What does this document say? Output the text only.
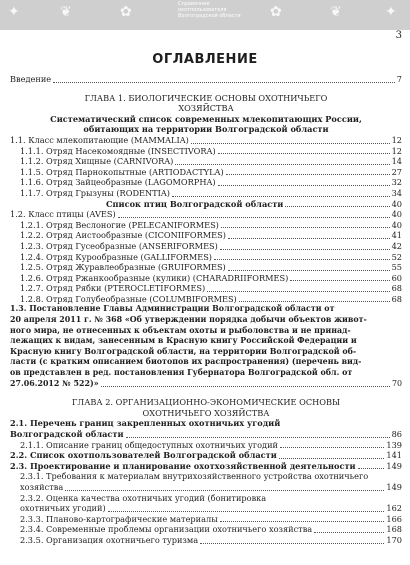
✦	❦	✿	Справочник охотпользователя Волгоградской области	✿	❦	✦
3
ОГЛАВЛЕНИЕ
Введение	7
ГЛАВА 1. БИОЛОГИЧЕСКИЕ ОСНОВЫ ОХОТНИЧЬЕГО ХОЗЯЙСТВА
Систематический список современных млекопитающих России, обитающих на территории Волгоградской области
1.1. Класс млекопитающие (MAMMALIA)	12
1.1.1. Отряд Насекомоядные (INSECTIVORA)	12
1.1.2. Отряд Хищные (CARNIVORA)	14
1.1.5. Отряд Парнокопытные (ARTIODACTYLA)	27
1.1.6. Отряд Зайцеобразные (LAGOMORPHA)	32
1.1.7. Отряд Грызуны (RODENTIA)	34
Список птиц Волгоградской области	40
1.2. Класс птицы (AVES)	40
1.2.1. Отряд Веслоногие (PELECANIFORMES)	40
1.2.2. Отряд Аистообразные (CICONIIFORMES)	41
1.2.3. Отряд Гусеобразные (ANSERIFORMES)	42
1.2.4. Отряд Курообразные (GALLIFORMES)	52
1.2.5. Отряд Журавлеобразные (GRUIFORMES)	55
1.2.6. Отряд Ржанкообразные (кулики) (CHARADRIIFORMES)	60
1.2.7. Отряд Рябки (PTEROCLETIFORMES)	68
1.2.8. Отряд Голубеобразные (COLUMBIFORMES)	68
1.3. Постановление Главы Администрации Волгоградской области от
20 апреля 2011 г. № 368 «Об утверждении порядка добычи объектов живот-
ного мира, не отнесенных к объектам охоты и рыболовства и не принад-
лежащих к видам, занесенным в Красную книгу Российской Федерации и
Красную книгу Волгоградской области, на территории Волгоградской об-
ласти (с кратким описанием биотопов их распространения) (перечень вид-
ов представлен в ред. постановления Губернатора Волгоградской обл. от
27.06.2012 № 522)»	70
ГЛАВА 2. ОРГАНИЗАЦИОННО-ЭКОНОМИЧЕСКИЕ ОСНОВЫ
ОХОТНИЧЬЕГО ХОЗЯЙСТВА
2.1. Перечень границ закрепленных охотничьих угодий
Волгоградской области	86
2.1.1. Описание границ общедоступных охотничьих угодий	139
2.2. Список охотпользователей Волгоградской области	141
2.3. Проектирование и планирование охотхозяйственной деятельности	149
2.3.1. Требования к материалам внутрихозяйственного устройства охотничьего
хозяйства	149
2.3.2. Оценка качества охотничьих угодий (бонитировка
охотничьих угодий)	162
2.3.3. Планово-картографические материалы	166
2.3.4. Современные проблемы организации охотничьего хозяйства	168
2.3.5. Организация охотничьего туризма	170
